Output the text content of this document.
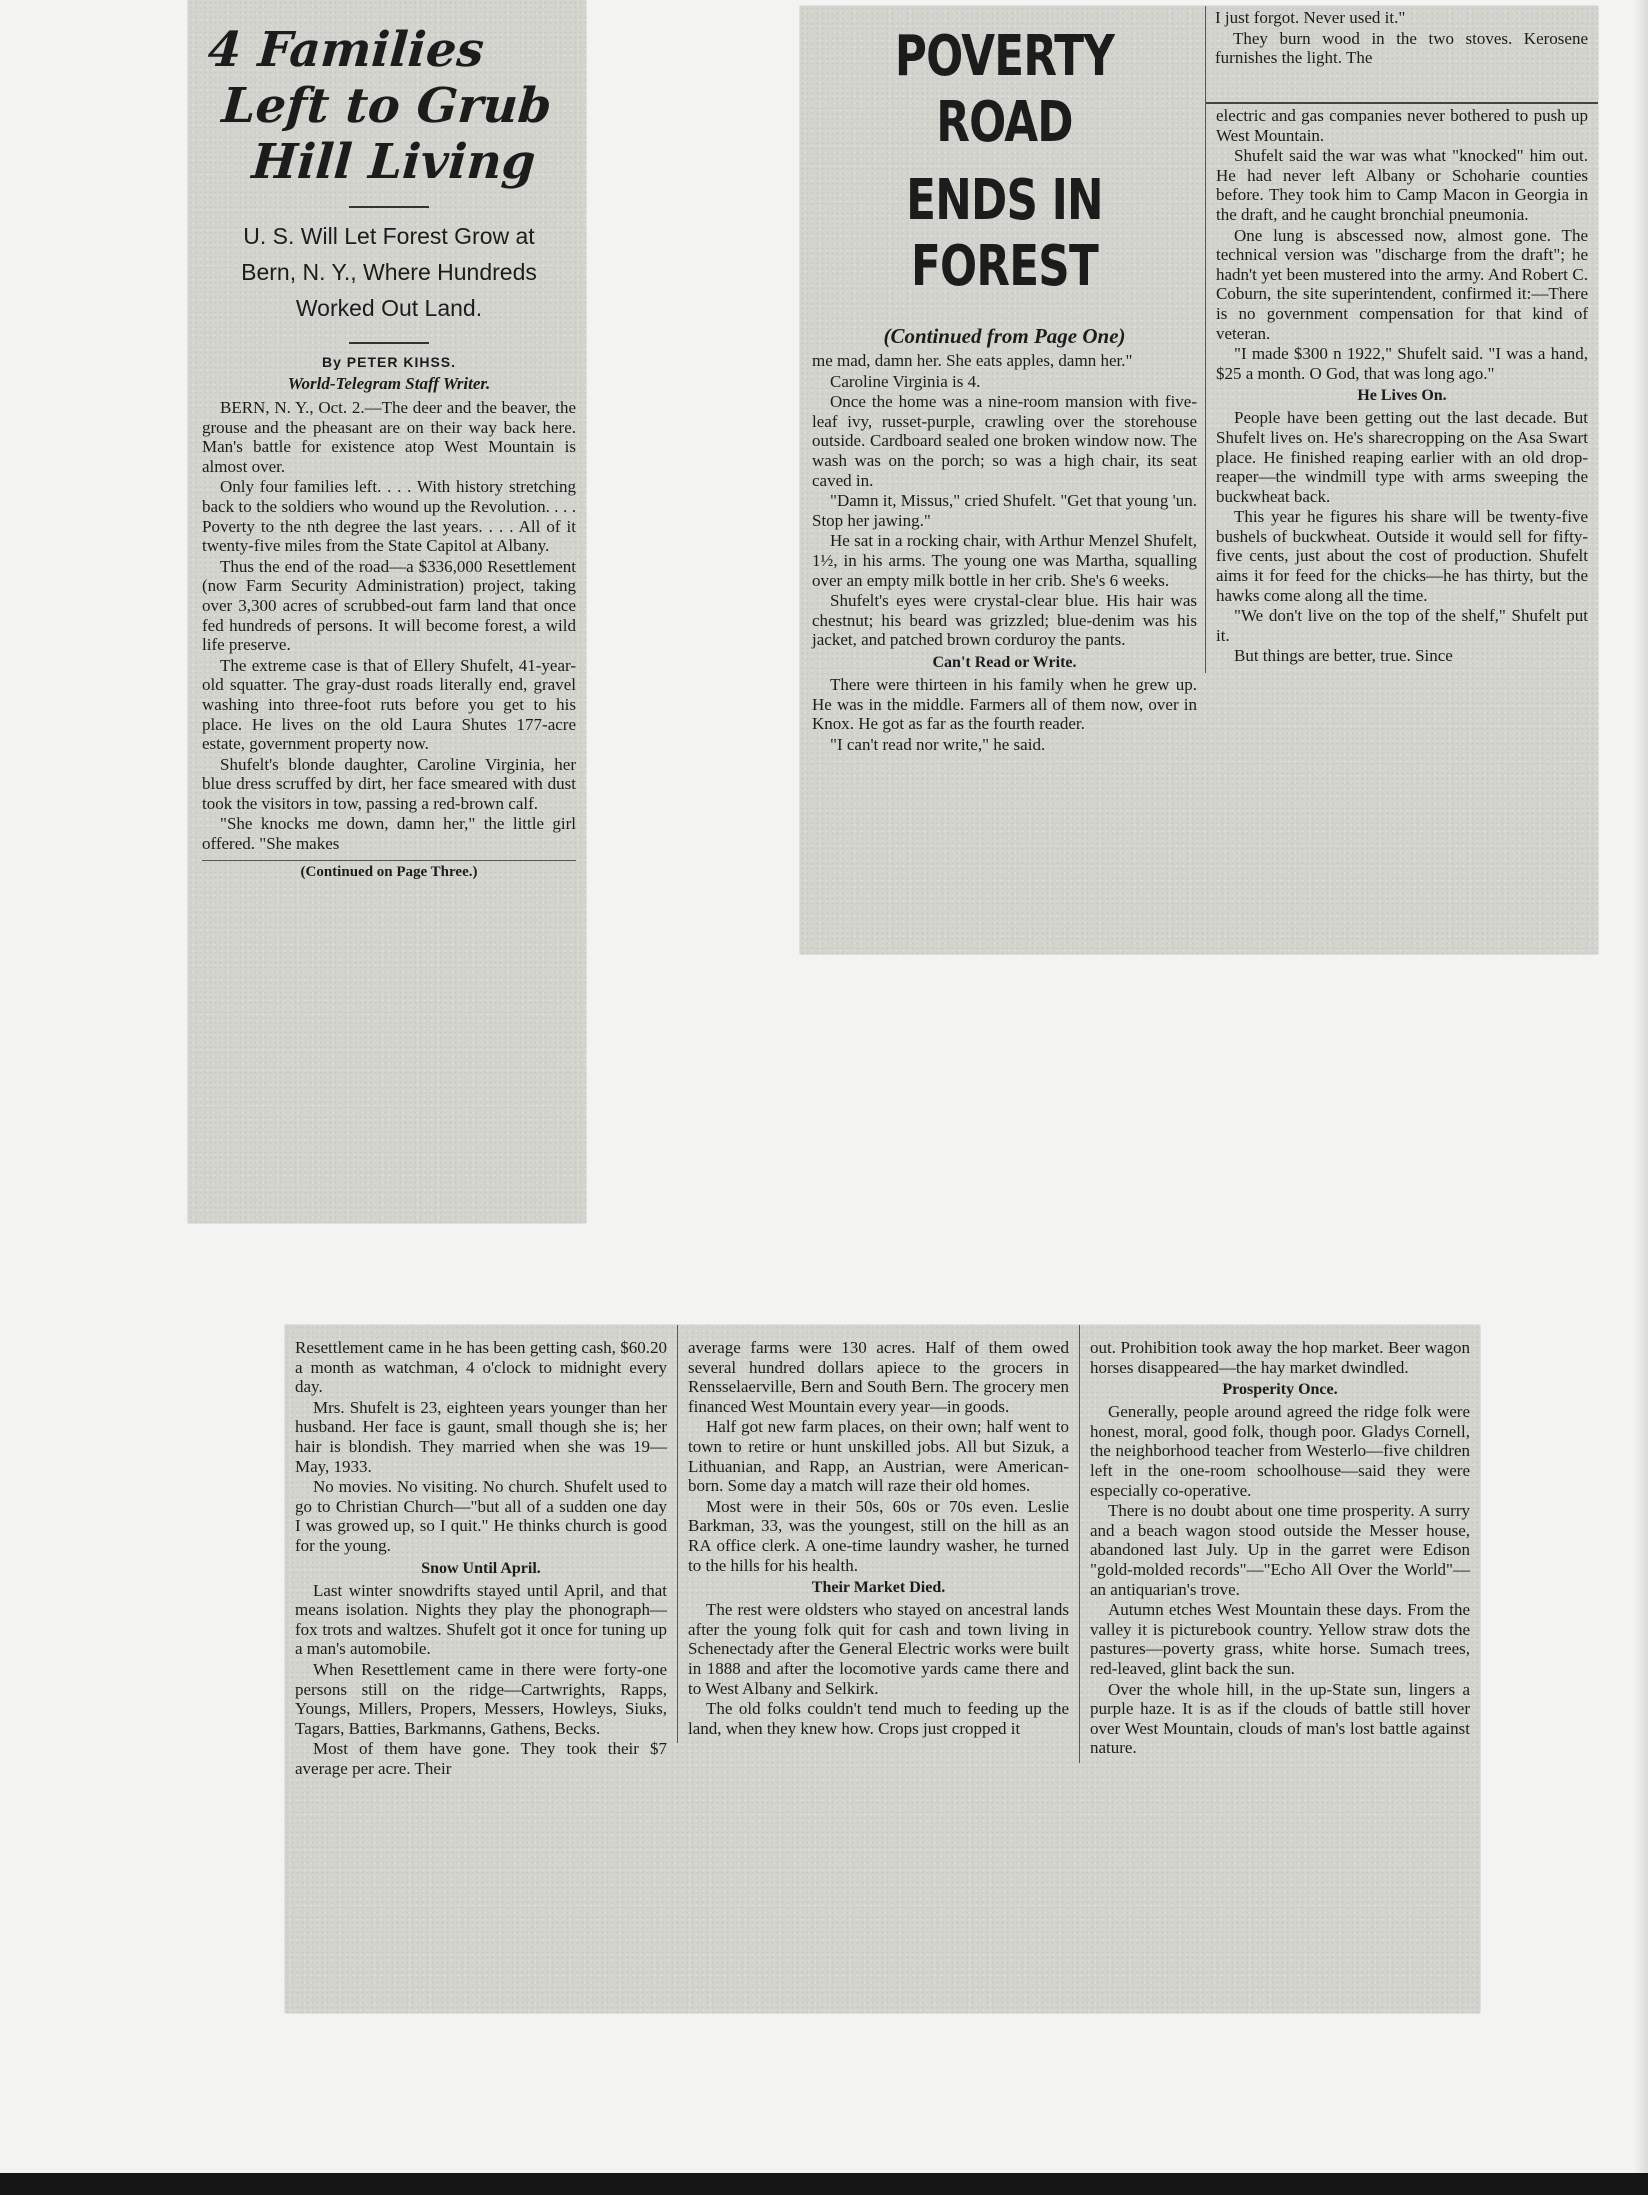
4 Families
Left to Grub
Hill Living
U. S. Will Let Forest Grow at
Bern, N. Y., Where Hundreds
Worked Out Land.
By PETER KIHSS.
World-Telegram Staff Writer.

BERN, N. Y., Oct. 2.—The deer and the beaver, the grouse and the pheasant are on their way back here. Man's battle for existence atop West Mountain is almost over.

Only four families left. . . . With history stretching back to the soldiers who wound up the Revolution. . . . Poverty to the nth degree the last years. . . . All of it twenty-five miles from the State Capitol at Albany.

Thus the end of the road—a $336,000 Resettlement (now Farm Security Administration) project, taking over 3,300 acres of scrubbed-out farm land that once fed hundreds of persons. It will become forest, a wild life preserve.

The extreme case is that of Ellery Shufelt, 41-year-old squatter. The gray-dust roads literally end, gravel washing into three-foot ruts before you get to his place. He lives on the old Laura Shutes 177-acre estate, government property now.

Shufelt's blonde daughter, Caroline Virginia, her blue dress scruffed by dirt, her face smeared with dust took the visitors in tow, passing a red-brown calf.

"She knocks me down, damn her," the little girl offered. "She makes

(Continued on Page Three.)
POVERTY ROAD
ENDS IN FOREST
(Continued from Page One)

me mad, damn her. She eats apples, damn her."

Caroline Virginia is 4.

Once the home was a nine-room mansion with five-leaf ivy, russet-purple, crawling over the storehouse outside. Cardboard sealed one broken window now. The wash was on the porch; so was a high chair, its seat caved in.

"Damn it, Missus," cried Shufelt. "Get that young 'un. Stop her jawing."

He sat in a rocking chair, with Arthur Menzel Shufelt, 1½, in his arms. The young one was Martha, squalling over an empty milk bottle in her crib. She's 6 weeks.

Shufelt's eyes were crystal-clear blue. His hair was chestnut; his beard was grizzled; blue-denim was his jacket, and patched brown corduroy the pants.

Can't Read or Write.

There were thirteen in his family when he grew up. He was in the middle. Farmers all of them now, over in Knox. He got as far as the fourth reader.

"I can't read nor write," he said.

I just forgot. Never used it."

They burn wood in the two stoves. Kerosene furnishes the light. The

electric and gas companies never bothered to push up West Mountain.

Shufelt said the war was what "knocked" him out. He had never left Albany or Schoharie counties before. They took him to Camp Macon in Georgia in the draft, and he caught bronchial pneumonia.

One lung is abscessed now, almost gone. The technical version was "discharge from the draft"; he hadn't yet been mustered into the army. And Robert C. Coburn, the site superintendent, confirmed it:—There is no government compensation for that kind of veteran.

"I made $300 n 1922," Shufelt said. "I was a hand, $25 a month. O God, that was long ago."

He Lives On.

People have been getting out the last decade. But Shufelt lives on. He's sharecropping on the Asa Swart place. He finished reaping earlier with an old drop-reaper—the windmill type with arms sweeping the buckwheat back.

This year he figures his share will be twenty-five bushels of buckwheat. Outside it would sell for fifty-five cents, just about the cost of production. Shufelt aims it for feed for the chicks—he has thirty, but the hawks come along all the time.

"We don't live on the top of the shelf," Shufelt put it.

But things are better, true. Since

Resettlement came in he has been getting cash, $60.20 a month as watchman, 4 o'clock to midnight every day.

Mrs. Shufelt is 23, eighteen years younger than her husband. Her face is gaunt, small though she is; her hair is blondish. They married when she was 19—May, 1933.

No movies. No visiting. No church. Shufelt used to go to Christian Church—"but all of a sudden one day I was growed up, so I quit." He thinks church is good for the young.

Snow Until April.

Last winter snowdrifts stayed until April, and that means isolation. Nights they play the phonograph—fox trots and waltzes. Shufelt got it once for tuning up a man's automobile.

When Resettlement came in there were forty-one persons still on the ridge—Cartwrights, Rapps, Youngs, Millers, Propers, Messers, Howleys, Siuks, Tagars, Batties, Barkmanns, Gathens, Becks.

Most of them have gone. They took their $7 average per acre. Their

average farms were 130 acres. Half of them owed several hundred dollars apiece to the grocers in Rensselaerville, Bern and South Bern. The grocery men financed West Mountain every year—in goods.

Half got new farm places, on their own; half went to town to retire or hunt unskilled jobs. All but Sizuk, a Lithuanian, and Rapp, an Austrian, were American-born. Some day a match will raze their old homes.

Most were in their 50s, 60s or 70s even. Leslie Barkman, 33, was the youngest, still on the hill as an RA office clerk. A one-time laundry washer, he turned to the hills for his health.

Their Market Died.

The rest were oldsters who stayed on ancestral lands after the young folk quit for cash and town living in Schenectady after the General Electric works were built in 1888 and after the locomotive yards came there and to West Albany and Selkirk.

The old folks couldn't tend much to feeding up the land, when they knew how. Crops just cropped it

out. Prohibition took away the hop market. Beer wagon horses disappeared—the hay market dwindled.

Prosperity Once.

Generally, people around agreed the ridge folk were honest, moral, good folk, though poor. Gladys Cornell, the neighborhood teacher from Westerlo—five children left in the one-room schoolhouse—said they were especially co-operative.

There is no doubt about one time prosperity. A surry and a beach wagon stood outside the Messer house, abandoned last July. Up in the garret were Edison "gold-molded records"—"Echo All Over the World"—an antiquarian's trove.

Autumn etches West Mountain these days. From the valley it is picturebook country. Yellow straw dots the pastures—poverty grass, white horse. Sumach trees, red-leaved, glint back the sun.

Over the whole hill, in the up-State sun, lingers a purple haze. It is as if the clouds of battle still hover over West Mountain, clouds of man's lost battle against nature.
